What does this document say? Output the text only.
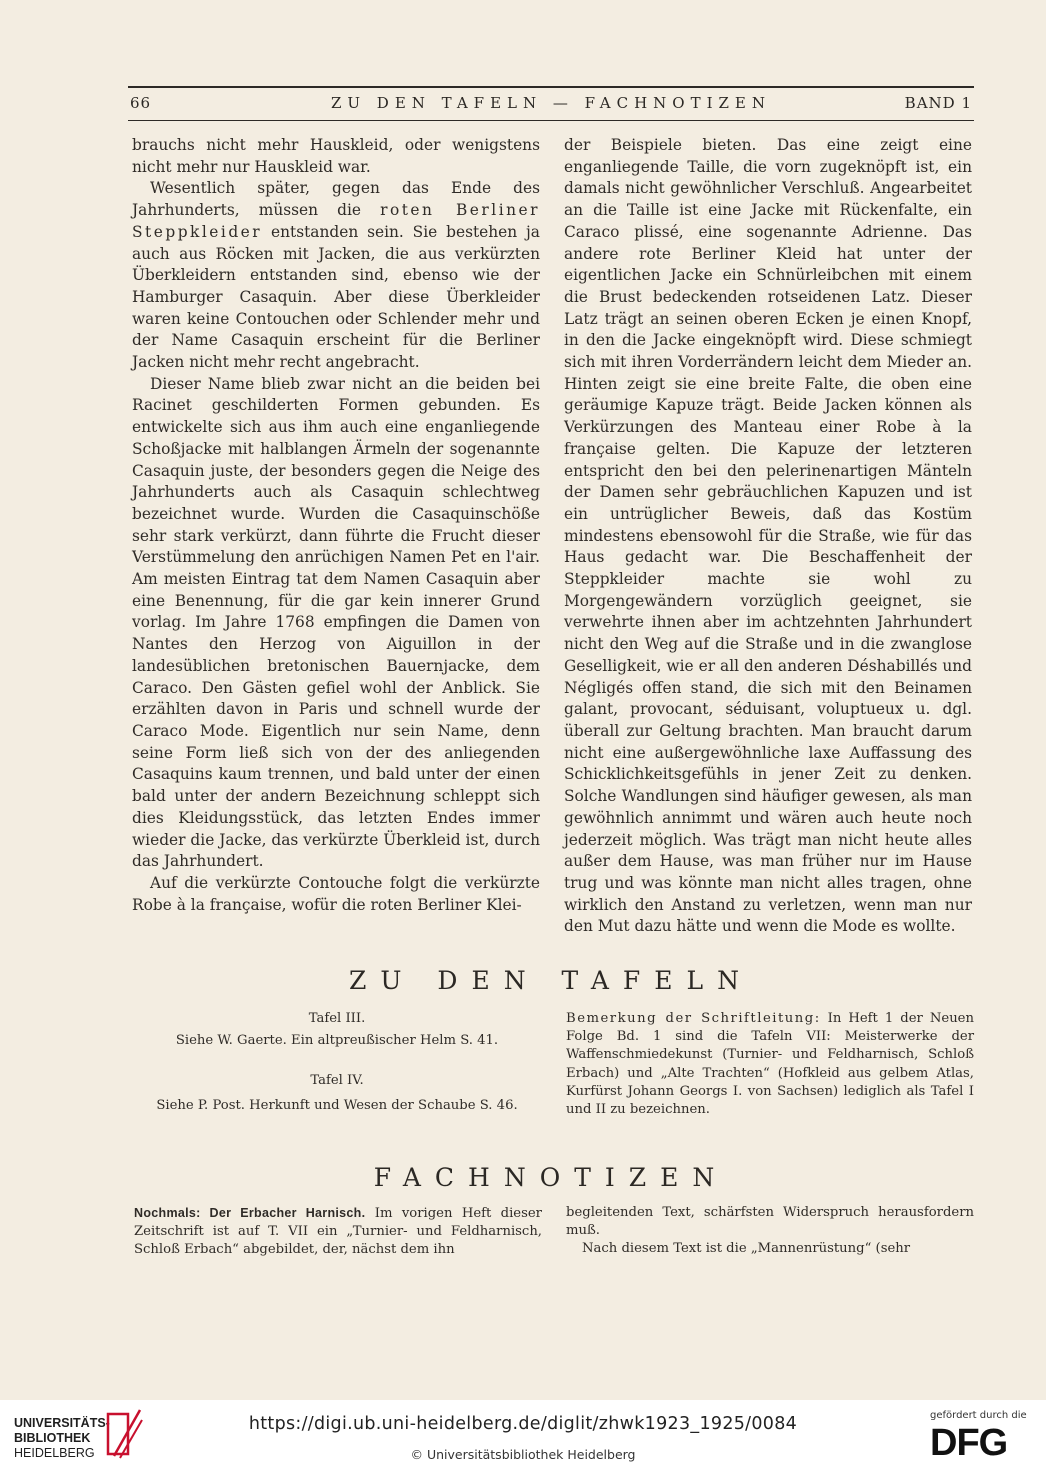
66	ZU DEN TAFELN — FACHNOTIZEN	BAND 1

brauchs nicht mehr Hauskleid, oder wenigstens nicht mehr nur Hauskleid war.

Wesentlich später, gegen das Ende des Jahrhunderts, müssen die roten Berliner Steppkleider entstanden sein. Sie bestehen ja auch aus Röcken mit Jacken, die aus verkürzten Überkleidern entstanden sind, ebenso wie der Hamburger Casaquin. Aber diese Überkleider waren keine Contouchen oder Schlender mehr und der Name Casaquin erscheint für die Berliner Jacken nicht mehr recht angebracht.

Dieser Name blieb zwar nicht an die beiden bei Racinet geschilderten Formen gebunden. Es entwickelte sich aus ihm auch eine enganliegende Schoßjacke mit halblangen Ärmeln der sogenannte Casaquin juste, der besonders gegen die Neige des Jahrhunderts auch als Casaquin schlechtweg bezeichnet wurde. Wurden die Casaquinschöße sehr stark verkürzt, dann führte die Frucht dieser Verstümmelung den anrüchigen Namen Pet en l'air. Am meisten Eintrag tat dem Namen Casaquin aber eine Benennung, für die gar kein innerer Grund vorlag. Im Jahre 1768 empfingen die Damen von Nantes den Herzog von Aiguillon in der landesüblichen bretonischen Bauernjacke, dem Caraco. Den Gästen gefiel wohl der Anblick. Sie erzählten davon in Paris und schnell wurde der Caraco Mode. Eigentlich nur sein Name, denn seine Form ließ sich von der des anliegenden Casaquins kaum trennen, und bald unter der einen bald unter der andern Bezeichnung schleppt sich dies Kleidungsstück, das letzten Endes immer wieder die Jacke, das verkürzte Überkleid ist, durch das Jahrhundert.

Auf die verkürzte Contouche folgt die verkürzte Robe à la française, wofür die roten Berliner Klei-

der Beispiele bieten. Das eine zeigt eine enganliegende Taille, die vorn zugeknöpft ist, ein damals nicht gewöhnlicher Verschluß. Angearbeitet an die Taille ist eine Jacke mit Rückenfalte, ein Caraco plissé, eine sogenannte Adrienne. Das andere rote Berliner Kleid hat unter der eigentlichen Jacke ein Schnürleibchen mit einem die Brust bedeckenden rotseidenen Latz. Dieser Latz trägt an seinen oberen Ecken je einen Knopf, in den die Jacke eingeknöpft wird. Diese schmiegt sich mit ihren Vorderrändern leicht dem Mieder an. Hinten zeigt sie eine breite Falte, die oben eine geräumige Kapuze trägt. Beide Jacken können als Verkürzungen des Manteau einer Robe à la française gelten. Die Kapuze der letzteren entspricht den bei den pelerinenartigen Mänteln der Damen sehr gebräuchlichen Kapuzen und ist ein untrüglicher Beweis, daß das Kostüm mindestens ebensowohl für die Straße, wie für das Haus gedacht war. Die Beschaffenheit der Steppkleider machte sie wohl zu Morgengewändern vorzüglich geeignet, sie verwehrte ihnen aber im achtzehnten Jahrhundert nicht den Weg auf die Straße und in die zwanglose Geselligkeit, wie er all den anderen Déshabillés und Négligés offen stand, die sich mit den Beinamen galant, provocant, séduisant, voluptueux u. dgl. überall zur Geltung brachten. Man braucht darum nicht eine außergewöhnliche laxe Auffassung des Schicklichkeitsgefühls in jener Zeit zu denken. Solche Wandlungen sind häufiger gewesen, als man gewöhnlich annimmt und wären auch heute noch jederzeit möglich. Was trägt man nicht heute alles außer dem Hause, was man früher nur im Hause trug und was könnte man nicht alles tragen, ohne wirklich den Anstand zu verletzen, wenn man nur den Mut dazu hätte und wenn die Mode es wollte.

ZU DEN TAFELN
Tafel III.
Siehe W. Gaerte. Ein altpreußischer Helm S. 41.
Tafel IV.
Siehe P. Post. Herkunft und Wesen der Schaube S. 46.
Bemerkung der Schriftleitung: In Heft 1 der Neuen Folge Bd. 1 sind die Tafeln VII: Meisterwerke der Waffenschmiedekunst (Turnier- und Feldharnisch, Schloß Erbach) und „Alte Trachten“ (Hofkleid aus gelbem Atlas, Kurfürst Johann Georgs I. von Sachsen) lediglich als Tafel I und II zu bezeichnen.
FACHNOTIZEN
Nochmals: Der Erbacher Harnisch. Im vorigen Heft dieser Zeitschrift ist auf T. VII ein „Turnier- und Feldharnisch, Schloß Erbach“ abgebildet, der, nächst dem ihn
begleitenden Text, schärfsten Widerspruch herausfordern muß.
Nach diesem Text ist die „Mannenrüstung“ (sehr
UNIVERSITÄTS-
BIBLIOTHEK
HEIDELBERG
https://digi.ub.uni-heidelberg.de/diglit/zhwk1923_1925/0084
© Universitätsbibliothek Heidelberg
gefördert durch die
DFG
